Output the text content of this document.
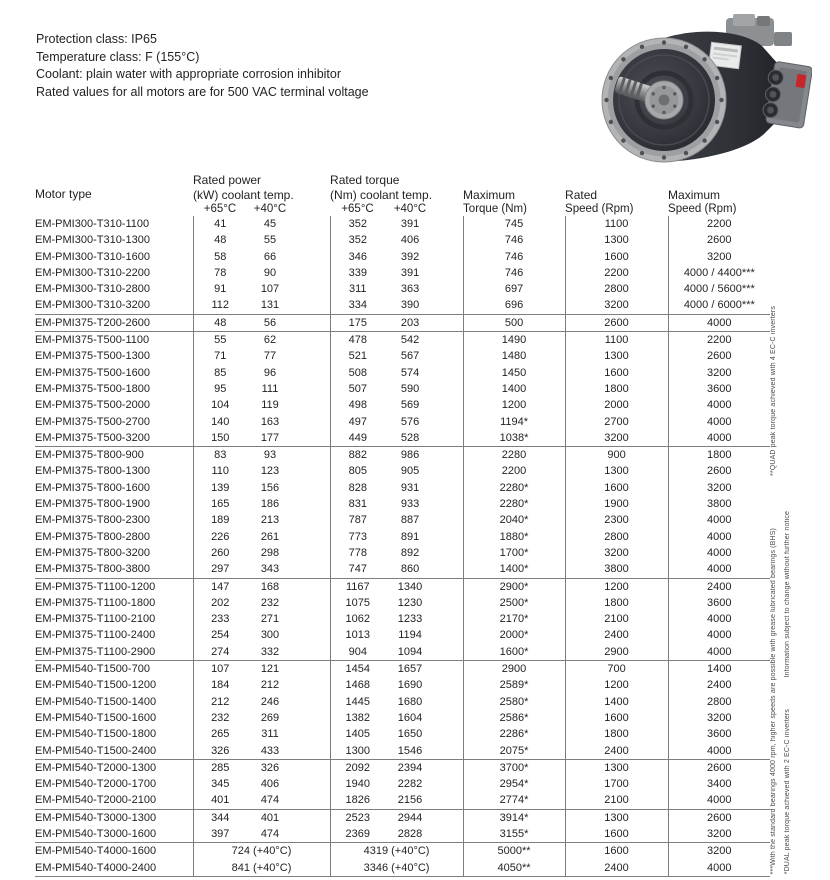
Protection class: IP65
Temperature class: F (155°C)
Coolant: plain water with appropriate corrosion inhibitor
Rated values for all motors are for 500 VAC terminal voltage
Motor type	Rated power			Rated torque					
	(kW) coolant temp.			(Nm) coolant temp.			Maximum	Rated	Maximum
	+65°C	+40°C		+65°C	+40°C		Torque (Nm)	Speed (Rpm)	Speed (Rpm)
EM-PMI300-T310-1100	41	45		352	391		745	1100	2200
EM-PMI300-T310-1300	48	55		352	406		746	1300	2600
EM-PMI300-T310-1600	58	66		346	392		746	1600	3200
EM-PMI300-T310-2200	78	90		339	391		746	2200	4000 / 4400***
EM-PMI300-T310-2800	91	107		311	363		697	2800	4000 / 5600***
EM-PMI300-T310-3200	112	131		334	390		696	3200	4000 / 6000***
EM-PMI375-T200-2600	48	56		175	203		500	2600	4000
EM-PMI375-T500-1100	55	62		478	542		1490	1100	2200
EM-PMI375-T500-1300	71	77		521	567		1480	1300	2600
EM-PMI375-T500-1600	85	96		508	574		1450	1600	3200
EM-PMI375-T500-1800	95	111		507	590		1400	1800	3600
EM-PMI375-T500-2000	104	119		498	569		1200	2000	4000
EM-PMI375-T500-2700	140	163		497	576		1194*	2700	4000
EM-PMI375-T500-3200	150	177		449	528		1038*	3200	4000
EM-PMI375-T800-900	83	93		882	986		2280	900	1800
EM-PMI375-T800-1300	110	123		805	905		2200	1300	2600
EM-PMI375-T800-1600	139	156		828	931		2280*	1600	3200
EM-PMI375-T800-1900	165	186		831	933		2280*	1900	3800
EM-PMI375-T800-2300	189	213		787	887		2040*	2300	4000
EM-PMI375-T800-2800	226	261		773	891		1880*	2800	4000
EM-PMI375-T800-3200	260	298		778	892		1700*	3200	4000
EM-PMI375-T800-3800	297	343		747	860		1400*	3800	4000
EM-PMI375-T1100-1200	147	168		1167	1340		2900*	1200	2400
EM-PMI375-T1100-1800	202	232		1075	1230		2500*	1800	3600
EM-PMI375-T1100-2100	233	271		1062	1233		2170*	2100	4000
EM-PMI375-T1100-2400	254	300		1013	1194		2000*	2400	4000
EM-PMI375-T1100-2900	274	332		904	1094		1600*	2900	4000
EM-PMI540-T1500-700	107	121		1454	1657		2900	700	1400
EM-PMI540-T1500-1200	184	212		1468	1690		2589*	1200	2400
EM-PMI540-T1500-1400	212	246		1445	1680		2580*	1400	2800
EM-PMI540-T1500-1600	232	269		1382	1604		2586*	1600	3200
EM-PMI540-T1500-1800	265	311		1405	1650		2286*	1800	3600
EM-PMI540-T1500-2400	326	433		1300	1546		2075*	2400	4000
EM-PMI540-T2000-1300	285	326		2092	2394		3700*	1300	2600
EM-PMI540-T2000-1700	345	406		1940	2282		2954*	1700	3400
EM-PMI540-T2000-2100	401	474		1826	2156		2774*	2100	4000
EM-PMI540-T3000-1300	344	401		2523	2944		3914*	1300	2600
EM-PMI540-T3000-1600	397	474		2369	2828		3155*	1600	3200
EM-PMI540-T4000-1600	724 (+40°C)			4319 (+40°C)			5000**	1600	3200
EM-PMI540-T4000-2400	841 (+40°C)			3346 (+40°C)			4050**	2400	4000	***With the standard bearings 4000 rpm, higher speeds are possible with grease lubricated bearings (BHS)
**QUAD peak torque achieved with 4 EC-C inverters
*DUAL peak torque achieved with 2 EC-C inverters
Information subject to change without further notice
